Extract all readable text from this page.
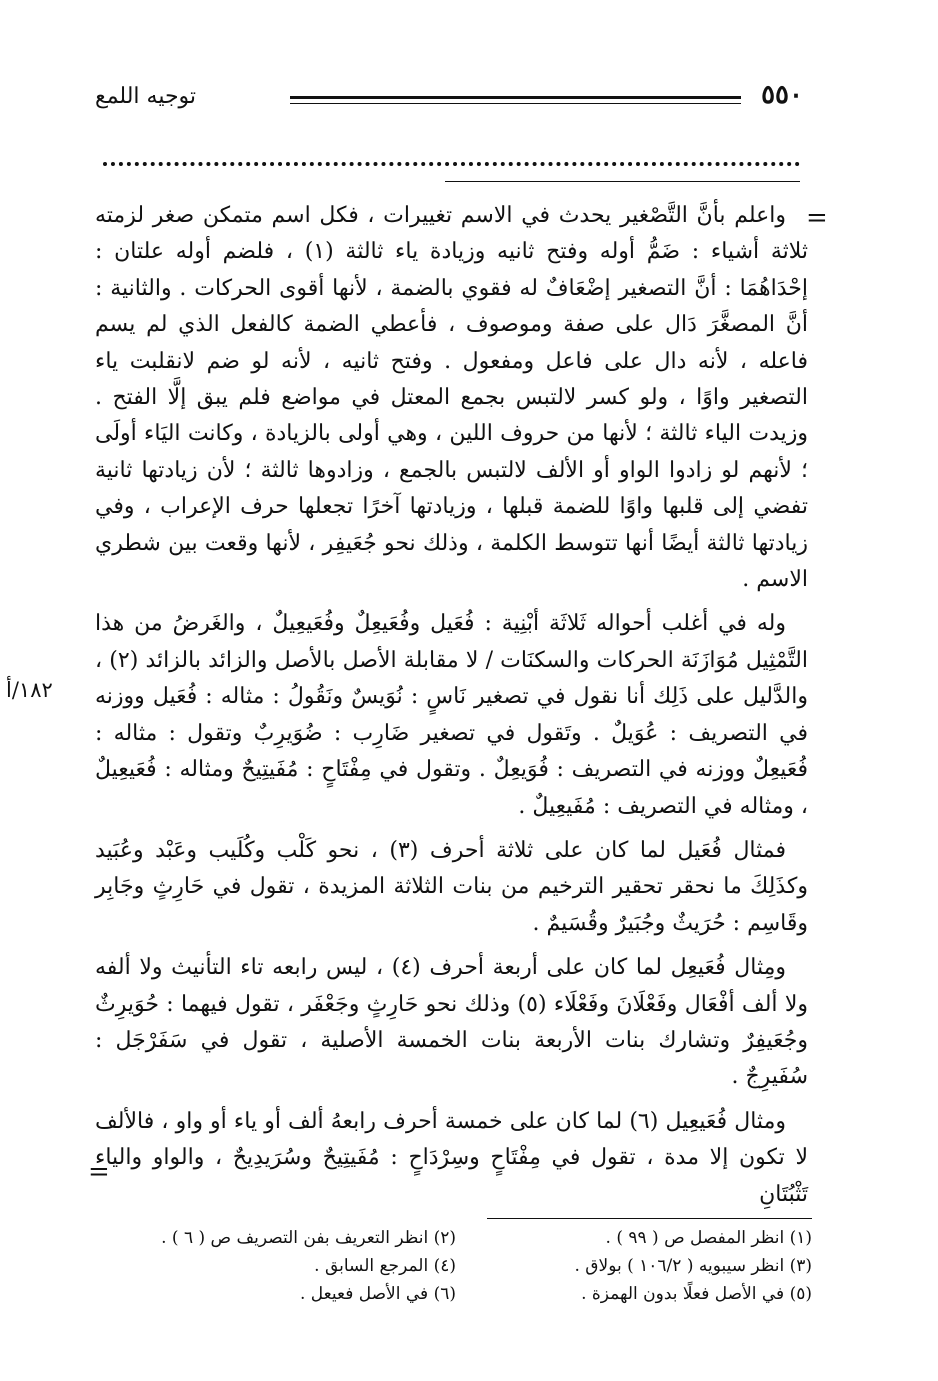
٥٥٠
توجيه اللمع
=
١٨٢/أ

واعلم بأنَّ التَّصْغير يحدث في الاسم تغييرات ، فكل اسم متمكن صغر لزمته ثلاثة أشياء : ضَمُّ أوله وفتح ثانيه وزيادة ياء ثالثة (١) ، فلضم أوله علتان : إحْدَاهُمَا : أنَّ التصغير إضْعَافٌ له فقوي بالضمة ، لأنها أقوى الحركات . والثانية : أنَّ المصغَّرَ دَال على صفة وموصوف ، فأعطي الضمة كالفعل الذي لم يسم فاعله ، لأنه دال على فاعل ومفعول . وفتح ثانيه ، لأنه لو ضم لانقلبت ياء التصغير واوًا ، ولو كسر لالتبس بجمع المعتل في مواضع فلم يبق إلَّا الفتح . وزيدت الياء ثالثة ؛ لأنها من حروف اللين ، وهي أولى بالزيادة ، وكانت اليَاء أولَى ؛ لأنهم لو زادوا الواو أو الألف لالتبس بالجمع ، وزادوها ثالثة ؛ لأن زيادتها ثانية تفضي إلى قلبها واوًا للضمة قبلها ، وزيادتها آخرًا تجعلها حرف الإعراب ، وفي زيادتها ثالثة أيضًا أنها تتوسط الكلمة ، وذلك نحو جُعَيفِر ، لأنها وقعت بين شطري الاسم .

وله في أغلب أحواله ثَلاثَة أبْنِية : فُعَيل وفُعَيعِلٌ وفُعَيعِيلٌ ، والغَرضُ من هذا التَّمْثِيل مُوَازَنَة الحركات والسكنَات / لا مقابلة الأصل بالأصل والزائد بالزائد (٢) ، والدَّليل على ذَلِك أنا نقول في تصغير نَاسٍ : نُوَيسٌ ونَقُولُ : مثاله : فُعَيل ووزنه في التصريف : عُوَيلٌ . وتَقول في تصغير ضَارِب : ضُوَيرِبٌ وتقول : مثاله : فُعَيعِلٌ ووزنه في التصريف : فُوَيعِلٌ . وتقول في مِفْتَاحٍ : مُفَيتِيحٌ ومثاله : فُعَيعِيلٌ ، ومثاله في التصريف : مُفَيعِيلٌ .

فمثال فُعَيل لما كان على ثلاثة أحرف (٣) ، نحو كَلْب وكُلَيب وعَبْد وعُبَيد وكذَلِكَ ما نحقر تحقير الترخيم من بنات الثلاثة المزيدة ، تقول في حَارِثٍ وجَابِر وقَاسِم : حُرَيثٌ وجُبَيرٌ وقُسَيمٌ .

ومِثال فُعَيعِل لما كان على أربعة أحرف (٤) ، ليس رابعه تاء التأنيث ولا ألفه ولا ألف أفْعَال وفَعْلَانَ وفَعْلَاء (٥) وذلك نحو حَارِثٍ وجَعْفَر ، تقول فيهما : حُوَيرِثٌ وجُعَيفِرٌ وتشارك بنات الأربعة بنات الخمسة الأصلية ، تقول في سَفَرْجَل : سُفَيرِجٌ .

ومثال فُعَيعِيل (٦) لما كان على خمسة أحرف رابعهُ ألف أو ياء أو واو ، فالألف لا تكون إلا مدة ، تقول في مِفْتَاحٍ وسِرْدَاحٍ : مُفَيتِيحٌ وسُرَيدِيحٌ ، والواو والياء تَثْبُتَانِ

=
(١) انظر المفصل ص ( ٩٩ ) .
(٢) انظر التعريف بفن التصريف ص ( ٦ ) .
(٣) انظر سيبويه ( ١٠٦/٢ ) بولاق .
(٤) المرجع السابق .
(٥) في الأصل فعلًا بدون الهمزة .
(٦) في الأصل فعيعل .
